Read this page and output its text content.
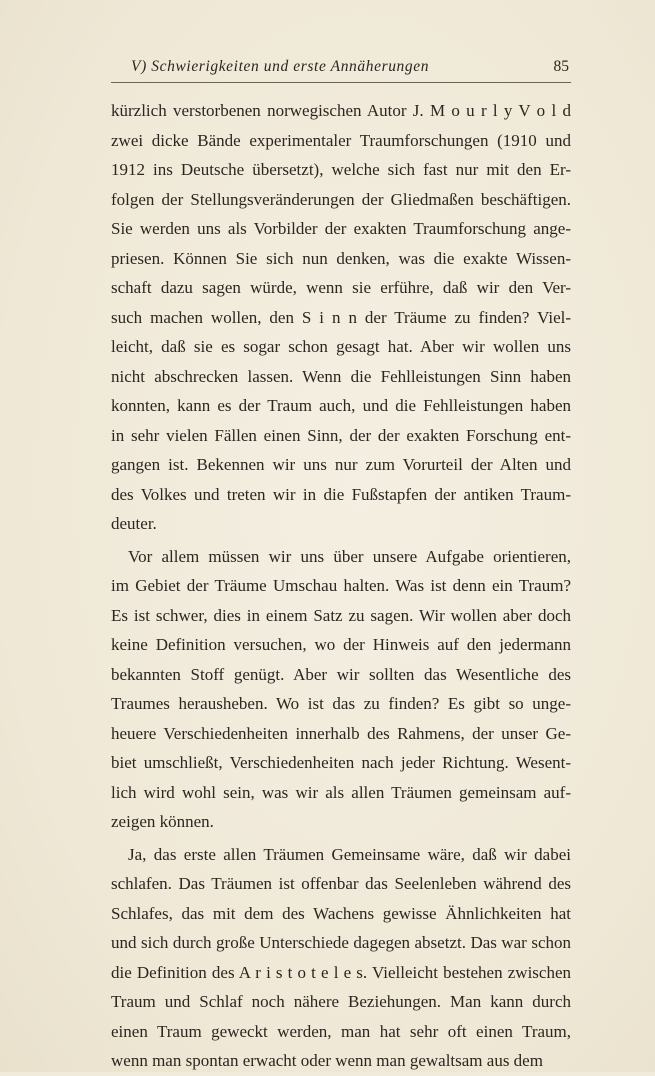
V) Schwierigkeiten und erste Annäherungen	85
kürzlich verstorbenen norwegischen Autor J. M o u r l y V o l d
zwei dicke Bände experimentaler Traumforschungen (1910 und
1912 ins Deutsche übersetzt), welche sich fast nur mit den Er-
folgen der Stellungsveränderungen der Gliedmaßen beschäftigen.
Sie werden uns als Vorbilder der exakten Traumforschung ange-
priesen. Können Sie sich nun denken, was die exakte Wissen-
schaft dazu sagen würde, wenn sie erführe, daß wir den Ver-
such machen wollen, den S i n n der Träume zu finden? Viel-
leicht, daß sie es sogar schon gesagt hat. Aber wir wollen uns
nicht abschrecken lassen. Wenn die Fehlleistungen Sinn haben
konnten, kann es der Traum auch, und die Fehlleistungen haben
in sehr vielen Fällen einen Sinn, der der exakten Forschung ent-
gangen ist. Bekennen wir uns nur zum Vorurteil der Alten und
des Volkes und treten wir in die Fußstapfen der antiken Traum-
deuter.
Vor allem müssen wir uns über unsere Aufgabe orientieren,
im Gebiet der Träume Umschau halten. Was ist denn ein Traum?
Es ist schwer, dies in einem Satz zu sagen. Wir wollen aber doch
keine Definition versuchen, wo der Hinweis auf den jedermann
bekannten Stoff genügt. Aber wir sollten das Wesentliche des
Traumes herausheben. Wo ist das zu finden? Es gibt so unge-
heuere Verschiedenheiten innerhalb des Rahmens, der unser Ge-
biet umschließt, Verschiedenheiten nach jeder Richtung. Wesent-
lich wird wohl sein, was wir als allen Träumen gemeinsam auf-
zeigen können.
Ja, das erste allen Träumen Gemeinsame wäre, daß wir dabei
schlafen. Das Träumen ist offenbar das Seelenleben während des
Schlafes, das mit dem des Wachens gewisse Ähnlichkeiten hat
und sich durch große Unterschiede dagegen absetzt. Das war schon
die Definition des A r i s t o t e l e s. Vielleicht bestehen zwischen
Traum und Schlaf noch nähere Beziehungen. Man kann durch
einen Traum geweckt werden, man hat sehr oft einen Traum,
wenn man spontan erwacht oder wenn man gewaltsam aus dem
